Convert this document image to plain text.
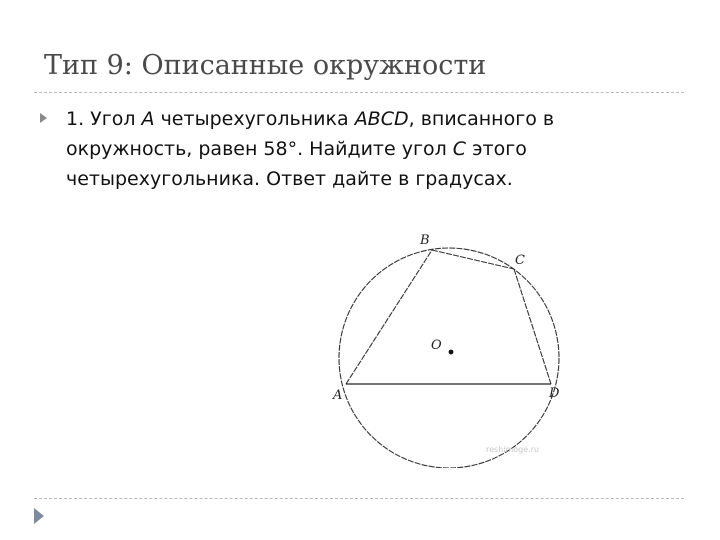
Тип 9: Описанные окружности
1. Угол A четырехугольника ABCD, вписанного в окружность, равен 58°. Найдите угол C этого четырехугольника. Ответ дайте в градусах.
B
C
O
A	D
reshimoge.ru
